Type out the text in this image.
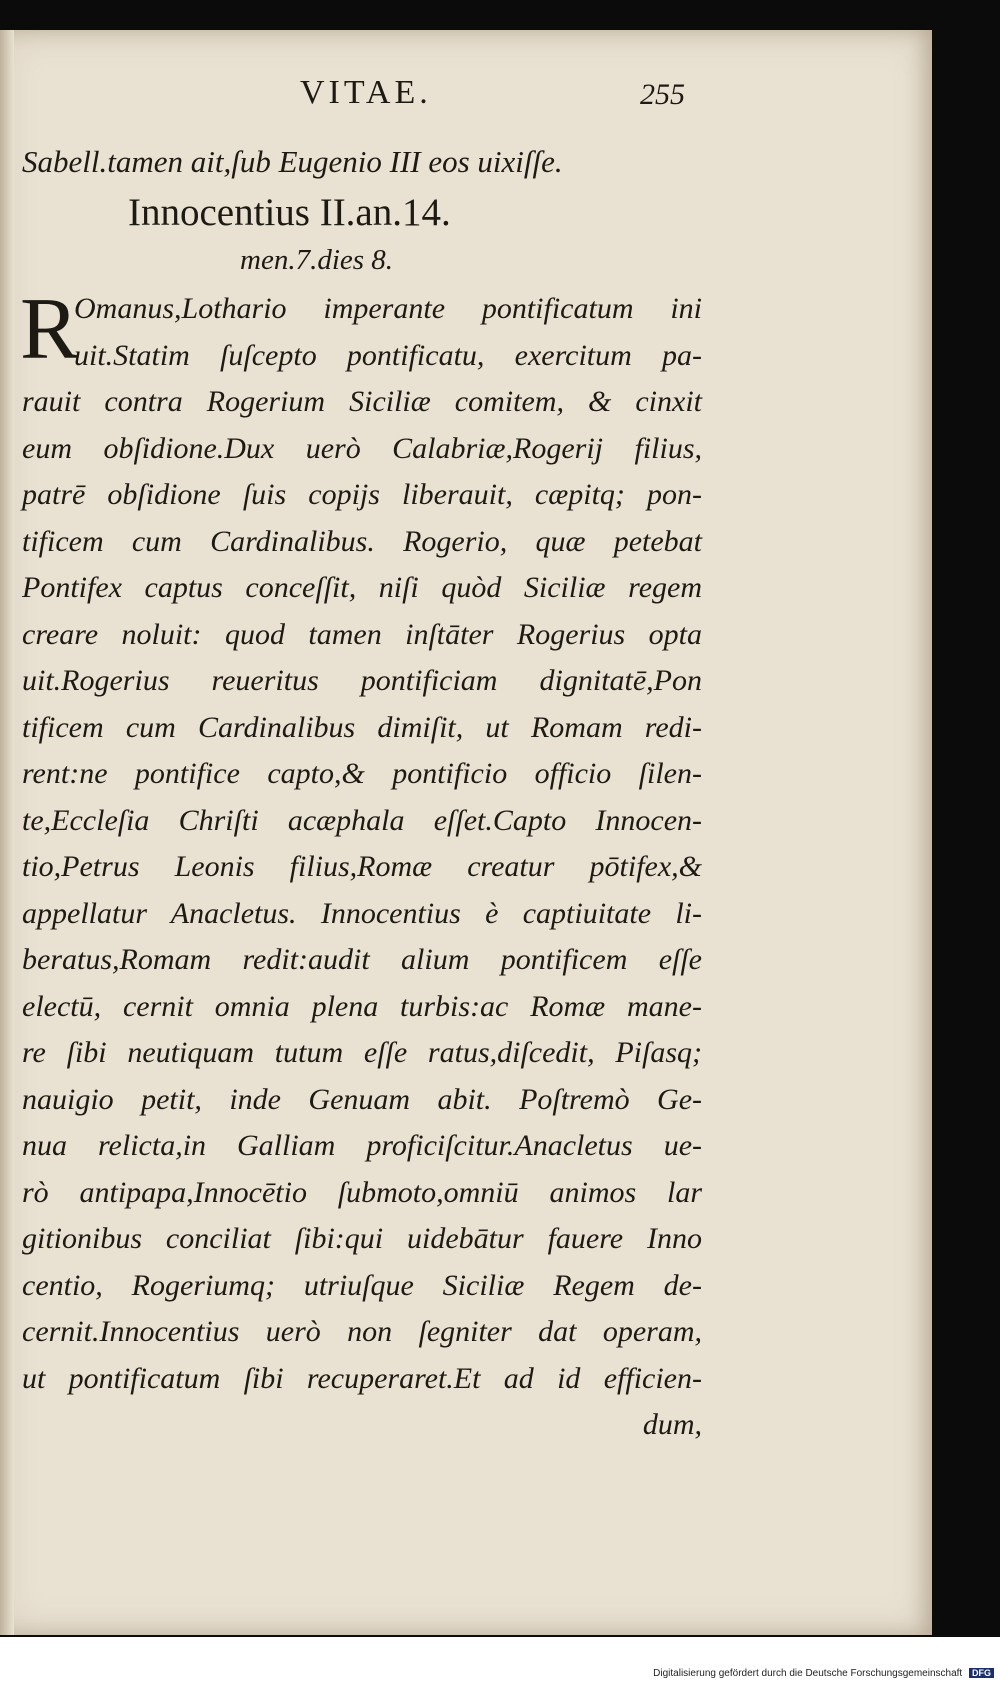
VITAE.	255
Sabell.tamen ait,ſub Eugenio III eos uixiſſe.
Innocentius II.an.14.
men.7.dies 8.
R
Omanus,Lothario imperante pontificatum ini
uit.Statim ſuſcepto pontificatu, exercitum pa-
rauit contra Rogerium Siciliæ comitem, & cinxit
eum obſidione.Dux uerò Calabriæ,Rogerij filius,
patrē obſidione ſuis copijs liberauit, cæpitq; pon-
tificem cum Cardinalibus. Rogerio, quæ petebat
Pontifex captus conceſſit, niſi quòd Siciliæ regem
creare noluit: quod tamen inſtāter Rogerius opta
uit.Rogerius reueritus pontificiam dignitatē,Pon
tificem cum Cardinalibus dimiſit, ut Romam redi-
rent:ne pontifice capto,& pontificio officio ſilen-
te,Eccleſia Chriſti acæphala eſſet.Capto Innocen-
tio,Petrus Leonis filius,Romæ creatur pōtifex,&
appellatur Anacletus. Innocentius è captiuitate li-
beratus,Romam redit:audit alium pontificem eſſe
electū, cernit omnia plena turbis:ac Romæ mane-
re ſibi neutiquam tutum eſſe ratus,diſcedit, Piſasq;
nauigio petit, inde Genuam abit. Poſtremò Ge-
nua relicta,in Galliam proficiſcitur.Anacletus ue-
rò antipapa,Innocētio ſubmoto,omniū animos lar
gitionibus conciliat ſibi:qui uidebātur fauere Inno
centio, Rogeriumq; utriuſque Siciliæ Regem de-
cernit.Innocentius uerò non ſegniter dat operam,
ut pontificatum ſibi recuperaret.Et ad id efficien-
dum,
Digitalisierung gefördert durch die Deutsche Forschungsgemeinschaft DFG
